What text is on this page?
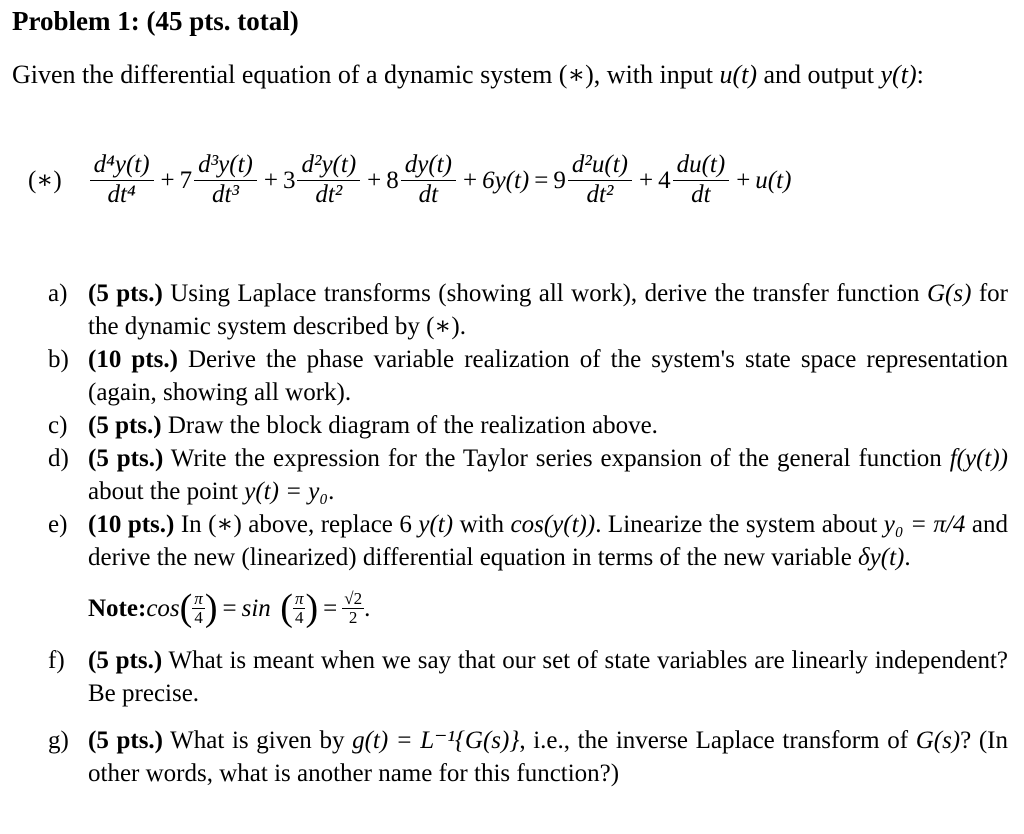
Problem 1: (45 pts. total)
Given the differential equation of a dynamic system (∗), with input u(t) and output y(t):
(∗) $\frac{\text{d⁴y(t)}}{\text{dt⁴}} + 7 \frac{\text{d³y(t)}}{\text{dt³}} + 3 \frac{\text{d²y(t)}}{\text{dt²}} + 8 \frac{dy(t)}{dt} + 6y(t) = 9 \frac{\text{d²u(t)}}{\text{dt²}} + 4 \frac{du(t)}{dt} + u(t)$
a) (5 pts.) Using Laplace transforms (showing all work), derive the transfer function G(s) for the dynamic system described by (∗).
b) (10 pts.) Derive the phase variable realization of the system's state space representation (again, showing all work).
c) (5 pts.) Draw the block diagram of the realization above.
d) (5 pts.) Write the expression for the Taylor series expansion of the general function f(y(t)) about the point y(t) = y₀.
e) (10 pts.) In (∗) above, replace 6 y(t) with cos(y(t)). Linearize the system about y₀ = π/4 and derive the new (linearized) differential equation in terms of the new variable δy(t).
Note: cos ( π
4 ) = sin ( π
4 ) = $\frac{√2}{2}$ .
f) (5 pts.) What is meant when we say that our set of state variables are linearly independent? Be precise.
g) (5 pts.) What is given by g(t) = L⁻¹{G(s)}, i.e., the inverse Laplace transform of G(s)? (In other words, what is another name for this function?)
